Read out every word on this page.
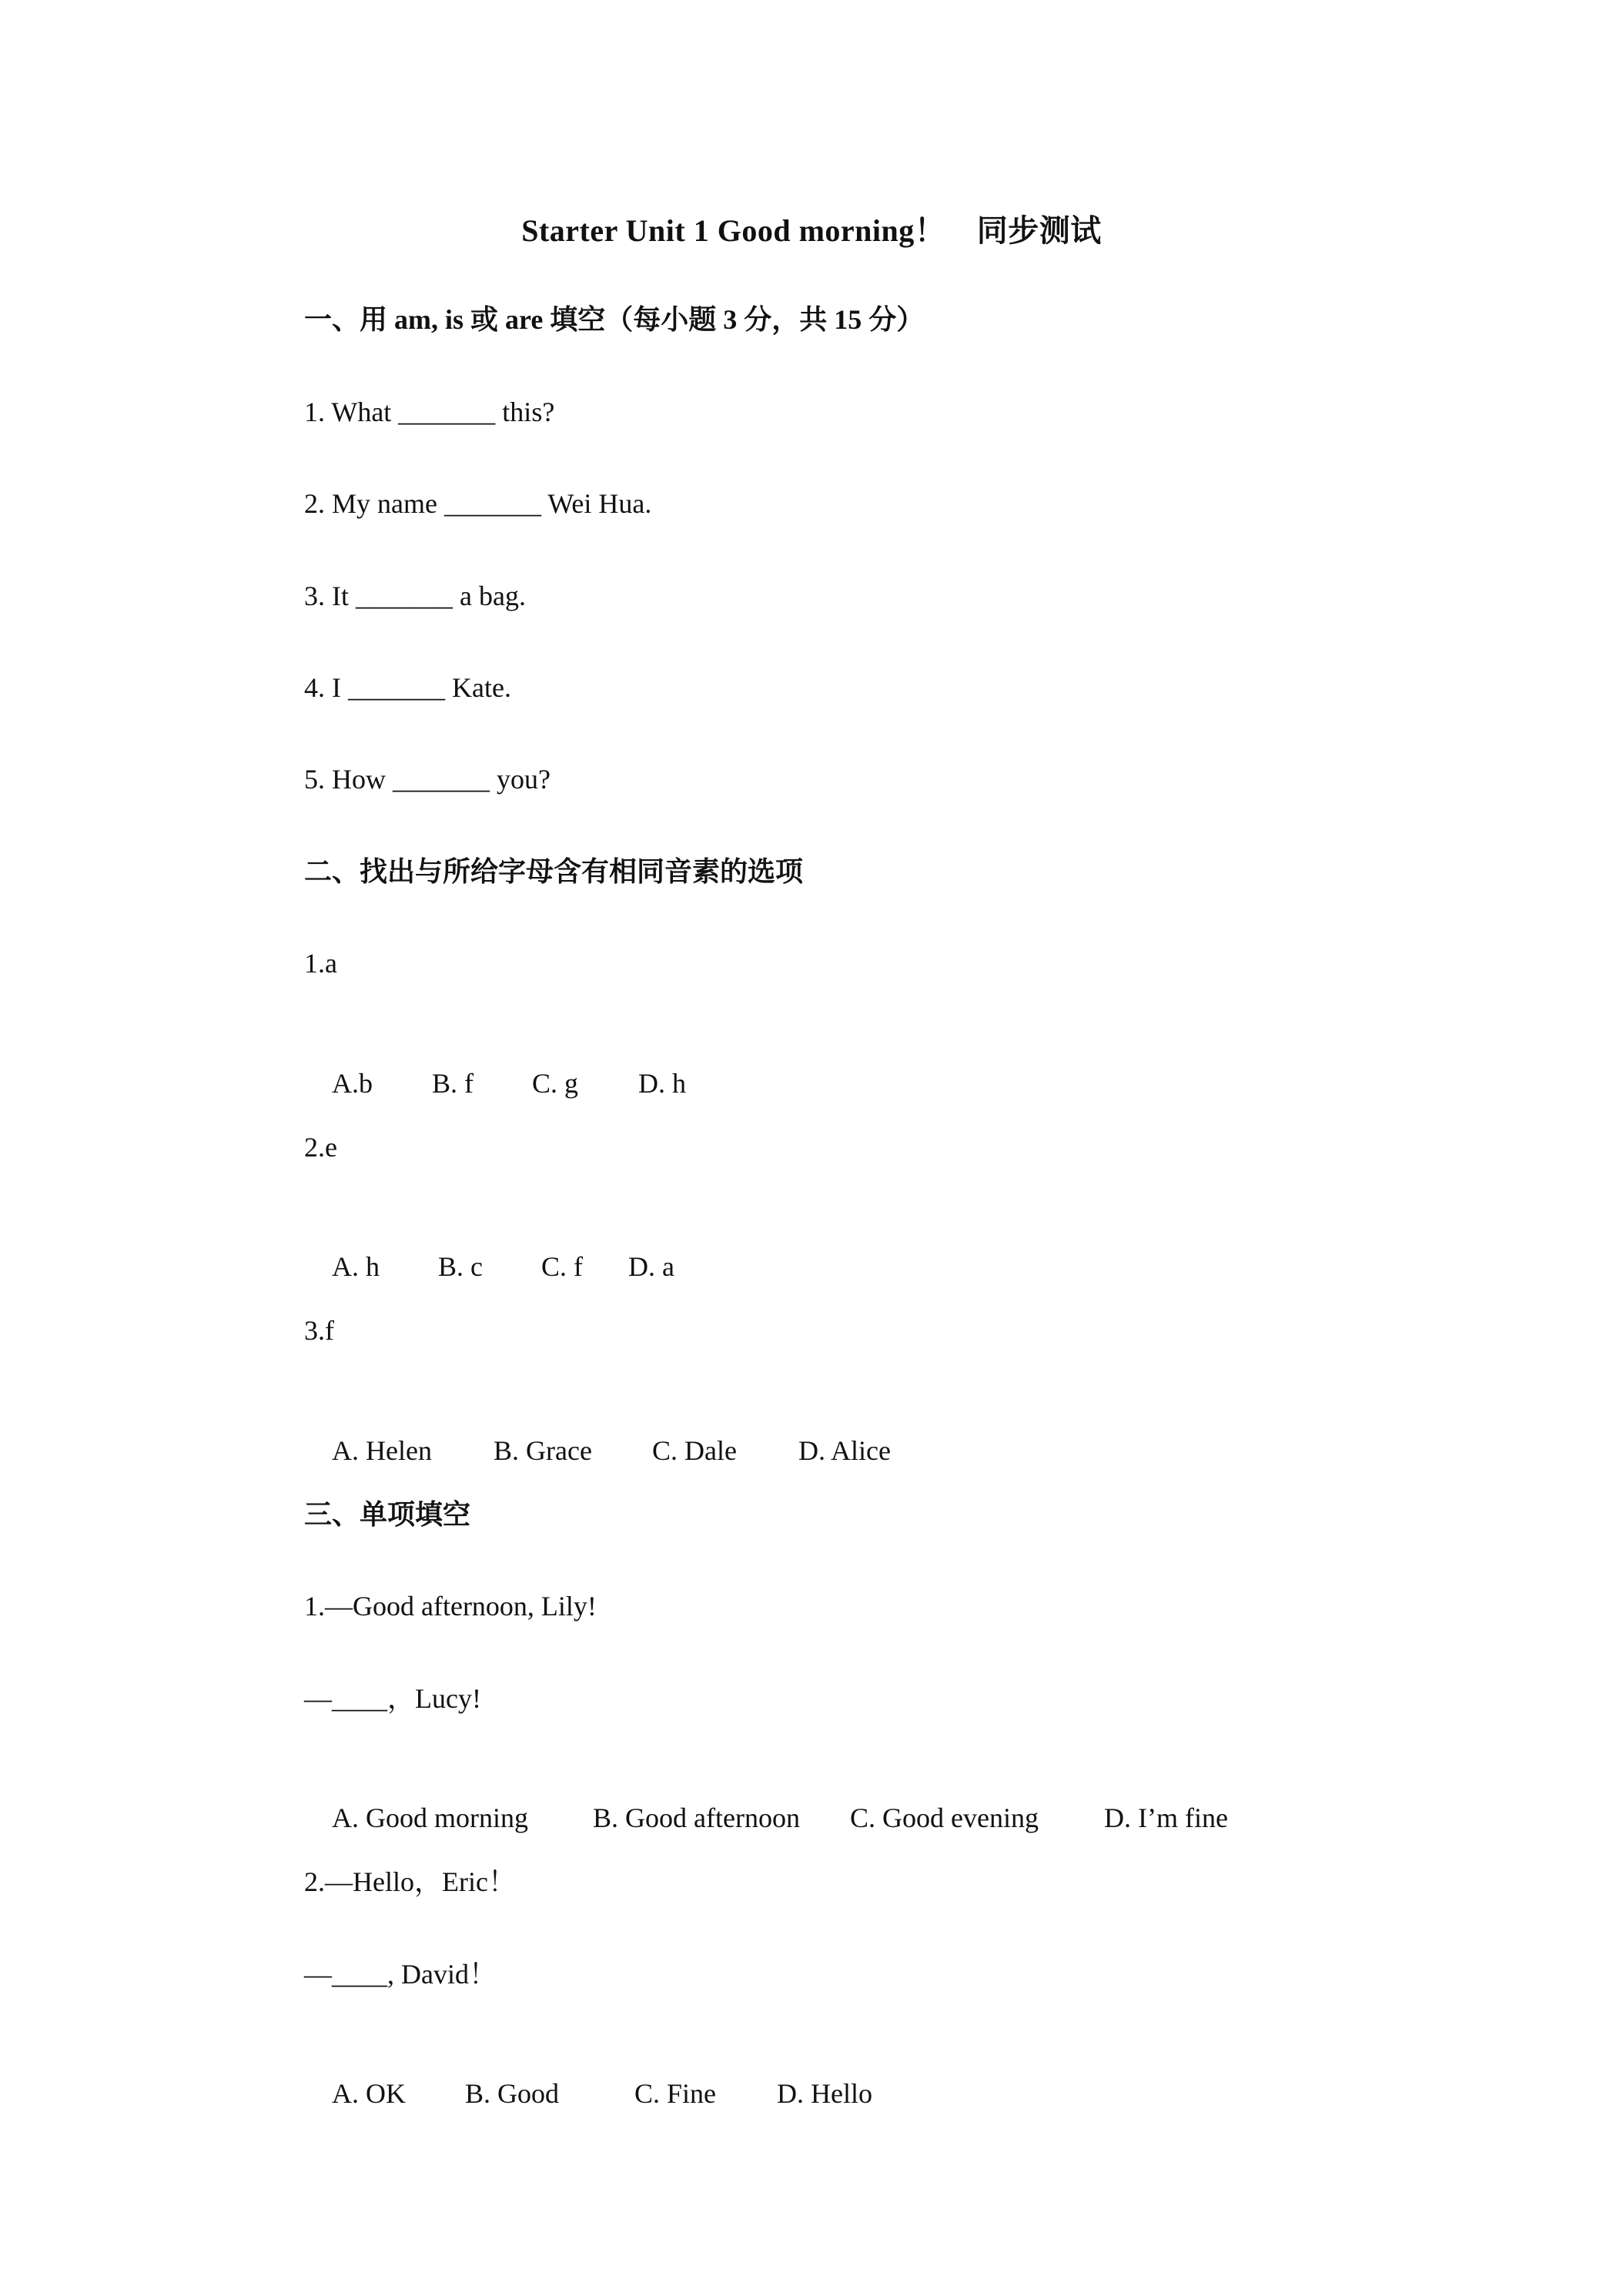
Starter Unit 1 Good morning！　同步测试
一、用 am, is 或 are 填空（每小题 3 分，共 15 分）
1. What _______ this?
2. My name _______ Wei Hua.
3. It _______ a bag.
4. I _______ Kate.
5. How _______ you?
二、找出与所给字母含有相同音素的选项
1.a

A.b B. f C. g D. h

2.e

A. h B. c C. f D. a

3.f

A. Helen B. Grace C. Dale D. Alice

三、单项填空
1.—Good afternoon, Lily!
—____，Lucy!

A. Good morning B. Good afternoon C. Good evening D. I’m fine

2.—Hello，Eric！
—____, David！

A. OK B. Good	C. Fine D. Hello
